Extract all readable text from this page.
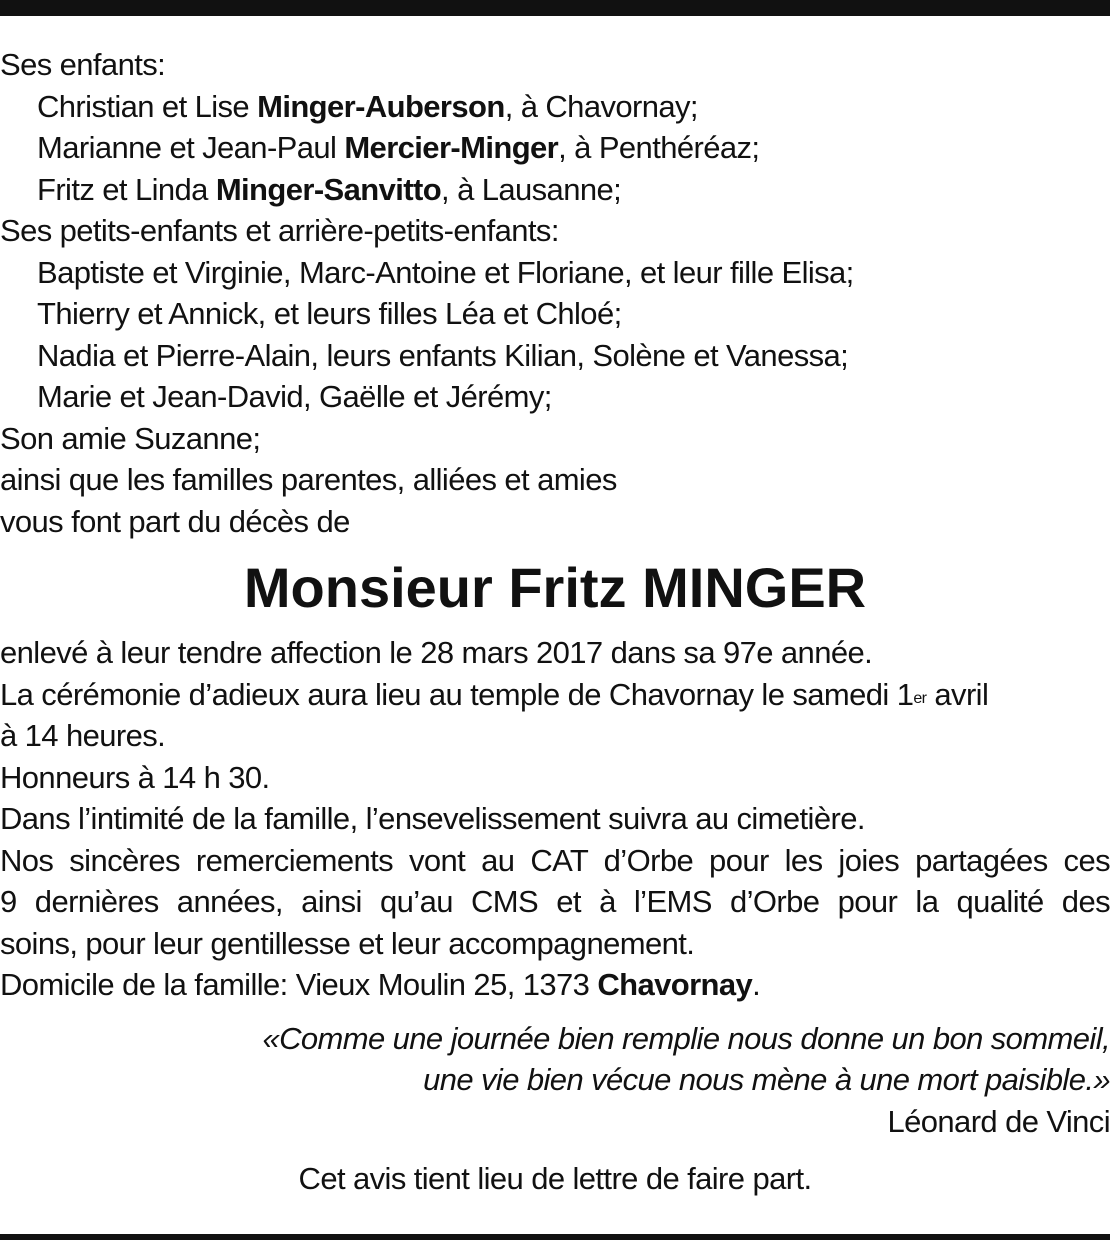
Ses enfants:
Christian et Lise Minger-Auberson, à Chavornay;
Marianne et Jean-Paul Mercier-Minger, à Penthéréaz;
Fritz et Linda Minger-Sanvitto, à Lausanne;
Ses petits-enfants et arrière-petits-enfants:
Baptiste et Virginie, Marc-Antoine et Floriane, et leur fille Elisa;
Thierry et Annick, et leurs filles Léa et Chloé;
Nadia et Pierre-Alain, leurs enfants Kilian, Solène et Vanessa;
Marie et Jean-David, Gaëlle et Jérémy;
Son amie Suzanne;
ainsi que les familles parentes, alliées et amies
vous font part du décès de
Monsieur Fritz MINGER
enlevé à leur tendre affection le 28 mars 2017 dans sa 97e année.
La cérémonie d’adieux aura lieu au temple de Chavornay le samedi 1er avril
à 14 heures.
Honneurs à 14 h 30.
Dans l’intimité de la famille, l’ensevelissement suivra au cimetière.
Nos sincères remerciements vont au CAT d’Orbe pour les joies partagées ces
9 dernières années, ainsi qu’au CMS et à l’EMS d’Orbe pour la qualité des
soins, pour leur gentillesse et leur accompagnement.
Domicile de la famille: Vieux Moulin 25, 1373 Chavornay.
«Comme une journée bien remplie nous donne un bon sommeil,
une vie bien vécue nous mène à une mort paisible.»
Léonard de Vinci
Cet avis tient lieu de lettre de faire part.
